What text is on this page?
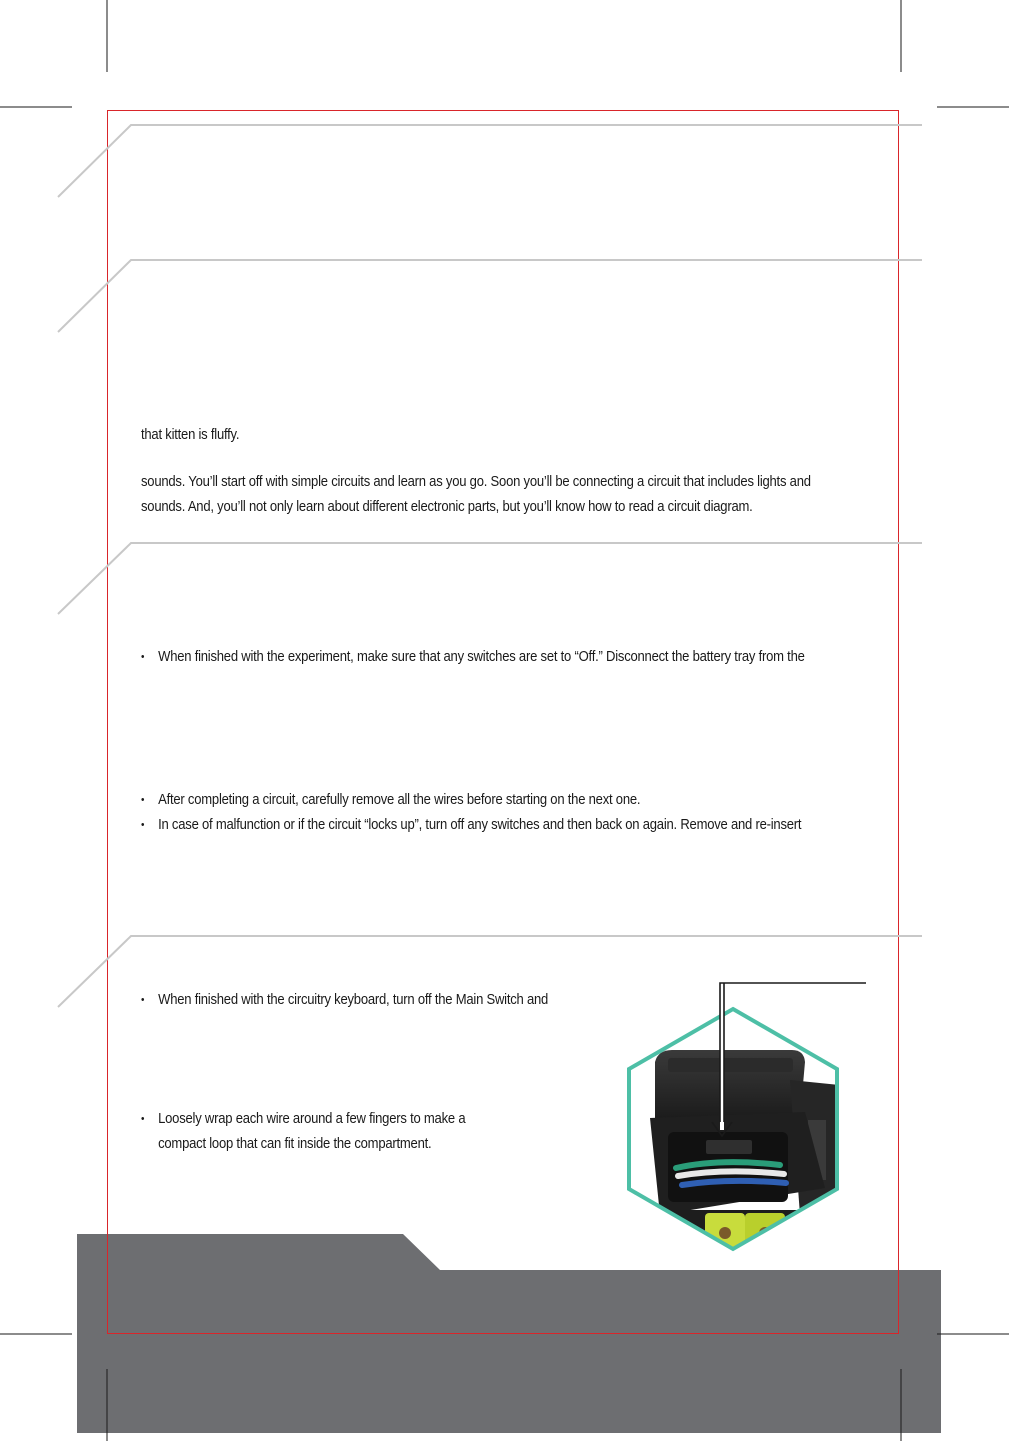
that kitten is fluffy.
sounds. You’ll start off with simple circuits and learn as you go. Soon you’ll be connecting a circuit that includes lights and
sounds. And, you’ll not only learn about different electronic parts, but you’ll know how to read a circuit diagram.
• When finished with the experiment, make sure that any switches are set to “Off.” Disconnect the battery tray from the
• After completing a circuit, carefully remove all the wires before starting on the next one.
• In case of malfunction or if the circuit “locks up”, turn off any switches and then back on again. Remove and re-insert
• When finished with the circuitry keyboard, turn off the Main Switch and
• Loosely wrap each wire around a few fingers to make a
compact loop that can fit inside the compartment.
